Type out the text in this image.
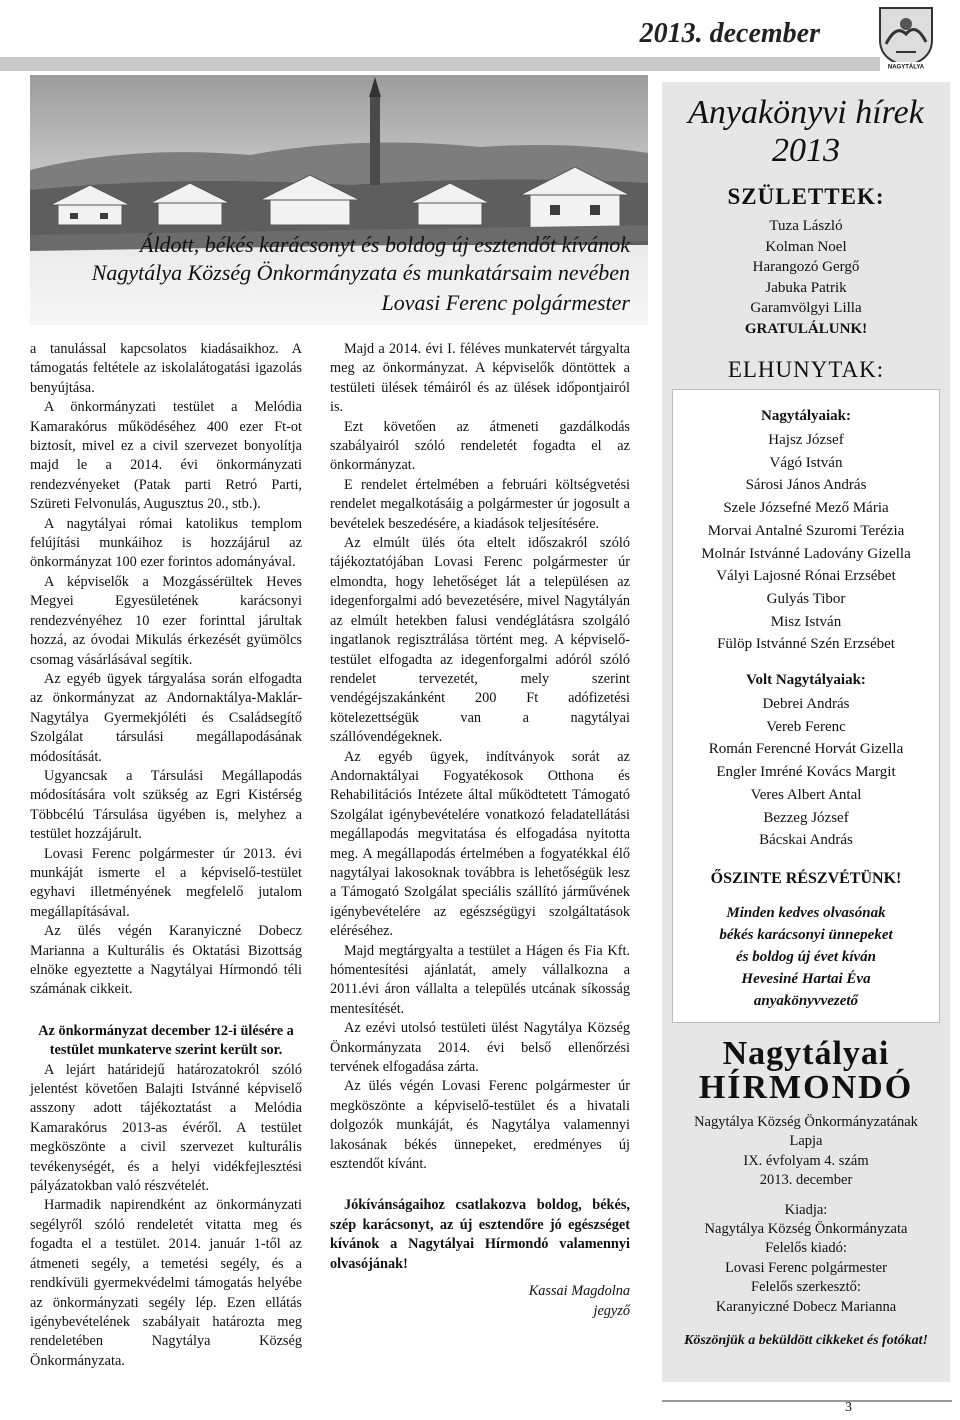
2013. december
NAGYTÁLYA
Áldott, békés karácsonyt és boldog új esztendőt kívánok
Nagytálya Község Önkormányzata és munkatársaim nevében
Lovasi Ferenc polgármester

a tanulással kapcsolatos kiadásaikhoz. A támogatás feltétele az iskolalátogatási igazolás benyújtása.

A önkormányzati testület a Melódia Kamarakórus működéséhez 400 ezer Ft-ot biztosít, mivel ez a civil szervezet bonyolítja majd le a 2014. évi önkormányzati rendezvényeket (Patak parti Retró Parti, Szüreti Felvonulás, Augusztus 20., stb.).

A nagytályai római katolikus templom felújítási munkáihoz is hozzájárul az önkormányzat 100 ezer forintos adományával.

A képviselők a Mozgássérültek Heves Megyei Egyesületének karácsonyi rendezvényéhez 10 ezer forinttal járultak hozzá, az óvodai Mikulás érkezését gyümölcs csomag vásárlásával segítik.

Az egyéb ügyek tárgyalása során elfogadta az önkormányzat az Andornaktálya-Maklár-Nagytálya Gyermekjóléti és Családsegítő Szolgálat társulási megállapodásának módosítását.

Ugyancsak a Társulási Megállapodás módosítására volt szükség az Egri Kistérség Többcélú Társulása ügyében is, melyhez a testület hozzájárult.

Lovasi Ferenc polgármester úr 2013. évi munkáját ismerte el a képviselő-testület egyhavi illetményének megfelelő jutalom megállapításával.

Az ülés végén Karanyiczné Dobecz Marianna a Kulturális és Oktatási Bizottság elnöke egyeztette a Nagytályai Hírmondó téli számának cikkeit.

Az önkormányzat december 12-i ülésére a testület munkaterve szerint került sor.

A lejárt határidejű határozatokról szóló jelentést követően Balajti Istvánné képviselő asszony adott tájékoztatást a Melódia Kamarakórus 2013-as évéről. A testület megköszönte a civil szervezet kulturális tevékenységét, és a helyi vidékfejlesztési pályázatokban való részvételét.

Harmadik napirendként az önkormányzati segélyről szóló rendeletét vitatta meg és fogadta el a testület. 2014. január 1-től az átmeneti segély, a temetési segély, és a rendkívüli gyermekvédelmi támogatás helyébe az önkormányzati segély lép. Ezen ellátás igénybevételének szabályait határozta meg rendeletében Nagytálya Község Önkormányzata.

Majd a 2014. évi I. féléves munkatervét tárgyalta meg az önkormányzat. A képviselők döntöttek a testületi ülések témáiról és az ülések időpontjairól is.

Ezt követően az átmeneti gazdálkodás szabályairól szóló rendeletét fogadta el az önkormányzat.

E rendelet értelmében a februári költségvetési rendelet megalkotásáig a polgármester úr jogosult a bevételek beszedésére, a kiadások teljesítésére.

Az elmúlt ülés óta eltelt időszakról szóló tájékoztatójában Lovasi Ferenc polgármester úr elmondta, hogy lehetőséget lát a településen az idegenforgalmi adó bevezetésére, mivel Nagytályán az elmúlt hetekben falusi vendéglátásra szolgáló ingatlanok regisztrálása történt meg. A képviselő-testület elfogadta az idegenforgalmi adóról szóló rendelet tervezetét, mely szerint vendégéjszakánként 200 Ft adófizetési kötelezettségük van a nagytályai szállóvendégeknek.

Az egyéb ügyek, indítványok sorát az Andornaktályai Fogyatékosok Otthona és Rehabilitációs Intézete által működtetett Támogató Szolgálat igénybevételére vonatkozó feladatellátási megállapodás megvitatása és elfogadása nyitotta meg. A megállapodás értelmében a fogyatékkal élő nagytályai lakosoknak továbbra is lehetőségük lesz a Támogató Szolgálat speciális szállító járművének igénybevételére az egészségügyi szolgáltatások eléréséhez.

Majd megtárgyalta a testület a Hágen és Fia Kft. hómentesítési ajánlatát, amely vállalkozna a 2011.évi áron vállalta a település utcának síkosság mentesítését.

Az ezévi utolsó testületi ülést Nagytálya Község Önkormányzata 2014. évi belső ellenőrzési tervének elfogadása zárta.

Az ülés végén Lovasi Ferenc polgármester úr megköszönte a képviselő-testület és a hivatali dolgozók munkáját, és Nagytálya valamennyi lakosának békés ünnepeket, eredményes új esztendőt kívánt.

Jókívánságaihoz csatlakozva boldog, békés, szép karácsonyt, az új esztendőre jó egészséget kívánok a Nagytályai Hírmondó valamennyi olvasójának!

Kassai Magdolna

jegyző

Anyakönyvi hírek 2013
SZÜLETTEK:
Tuza László
Kolman Noel
Harangozó Gergő
Jabuka Patrik
Garamvölgyi Lilla
GRATULÁLUNK!
ELHUNYTAK:
Nagytályaiak:
Hajsz József
Vágó István
Sárosi János András
Szele Józsefné Mező Mária
Morvai Antalné Szuromi Terézia
Molnár Istvánné Ladovány Gizella
Vályi Lajosné Rónai Erzsébet
Gulyás Tibor
Misz István
Fülöp Istvánné Szén Erzsébet
Volt Nagytályaiak:
Debrei András
Vereb Ferenc
Román Ferencné Horvát Gizella
Engler Imréné Kovács Margit
Veres Albert Antal
Bezzeg József
Bácskai András
ŐSZINTE RÉSZVÉTÜNK!
Minden kedves olvasónak
békés karácsonyi ünnepeket
és boldog új évet kíván
Hevesiné Hartai Éva
anyakönyvvezető
Nagytályai
HÍRMONDÓ
Nagytálya Község Önkormányzatának
Lapja
IX. évfolyam 4. szám
2013. december
Kiadja:
Nagytálya Község Önkormányzata
Felelős kiadó:
Lovasi Ferenc polgármester
Felelős szerkesztő:
Karanyiczné Dobecz Marianna
Köszönjük a beküldött cikkeket és fotókat!
3
